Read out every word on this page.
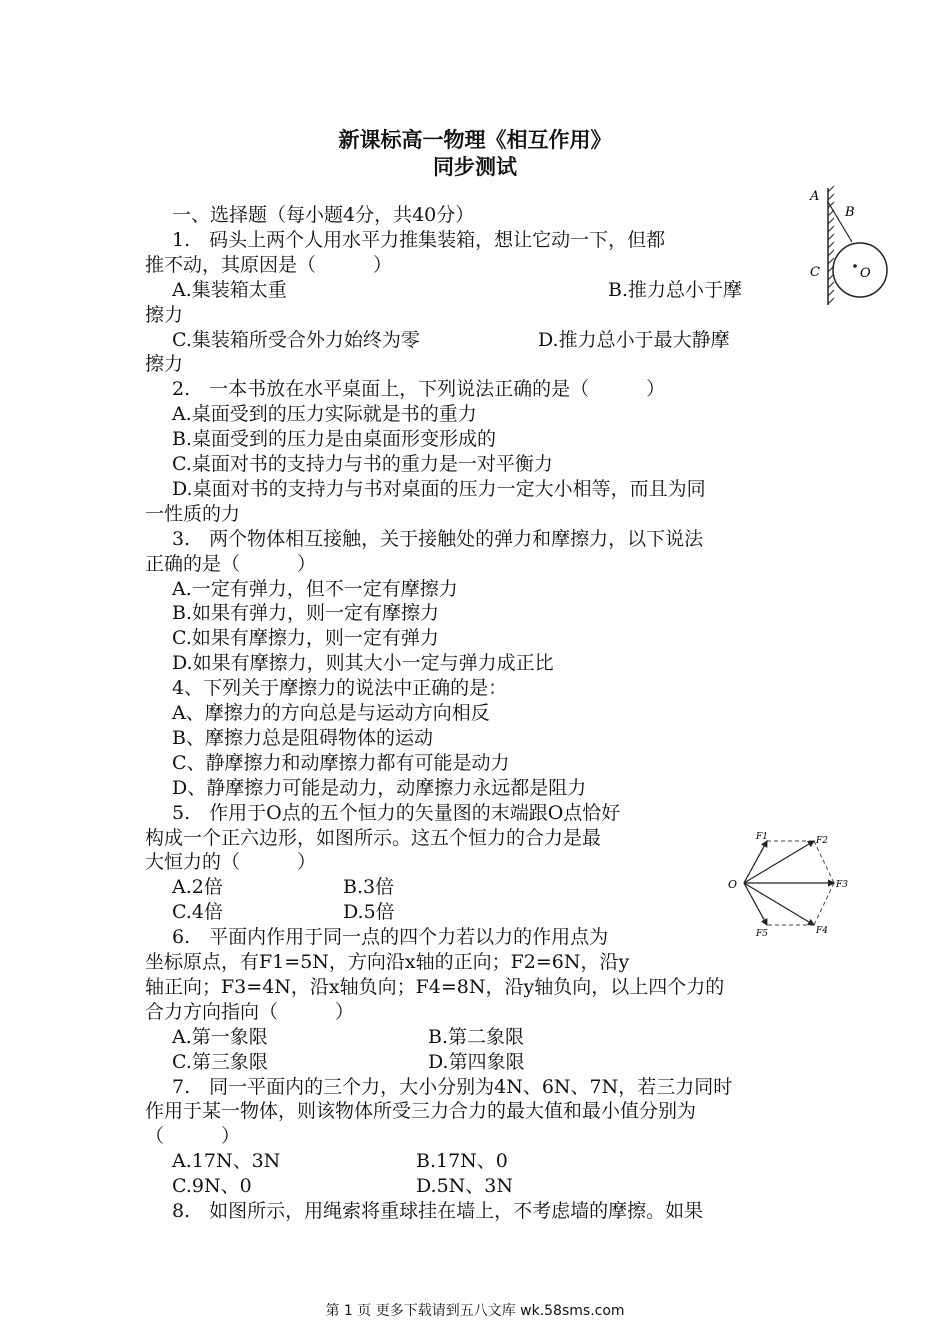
新课标高一物理《相互作用》
同步测试
一、选择题（每小题4分，共40分）
1.　码头上两个人用水平力推集装箱，想让它动一下，但都
推不动，其原因是（　　　）
A.集装箱太重	B.推力总小于摩
擦力
C.集装箱所受合外力始终为零	D.推力总小于最大静摩
擦力
2.　一本书放在水平桌面上，下列说法正确的是（　　　）
A.桌面受到的压力实际就是书的重力
B.桌面受到的压力是由桌面形变形成的
C.桌面对书的支持力与书的重力是一对平衡力
D.桌面对书的支持力与书对桌面的压力一定大小相等，而且为同
一性质的力
3.　两个物体相互接触，关于接触处的弹力和摩擦力，以下说法
正确的是（　　　）
A.一定有弹力，但不一定有摩擦力
B.如果有弹力，则一定有摩擦力
C.如果有摩擦力，则一定有弹力
D.如果有摩擦力，则其大小一定与弹力成正比
4、下列关于摩擦力的说法中正确的是：
A、摩擦力的方向总是与运动方向相反
B、摩擦力总是阻碍物体的运动
C、静摩擦力和动摩擦力都有可能是动力
D、静摩擦力可能是动力，动摩擦力永远都是阻力
5.　作用于O点的五个恒力的矢量图的末端跟O点恰好
构成一个正六边形，如图所示。这五个恒力的合力是最
大恒力的（　　　）
A.2倍	B.3倍
C.4倍	D.5倍
6.　平面内作用于同一点的四个力若以力的作用点为
坐标原点，有F1=5N，方向沿x轴的正向；F2=6N，沿y
轴正向；F3=4N，沿x轴负向；F4=8N，沿y轴负向，以上四个力的
合力方向指向（　　　）
A.第一象限	B.第二象限
C.第三象限	D.第四象限
7.　同一平面内的三个力，大小分别为4N、6N、7N，若三力同时
作用于某一物体，则该物体所受三力合力的最大值和最小值分别为
（　　　）
A.17N、3N	B.17N、0
C.9N、0	D.5N、3N
8.　如图所示，用绳索将重球挂在墙上，不考虑墙的摩擦。如果
A
B
C	O
O
F1	F2
F3
F4
F5
第 1 页 更多下载请到五八文库 wk.58sms.com
